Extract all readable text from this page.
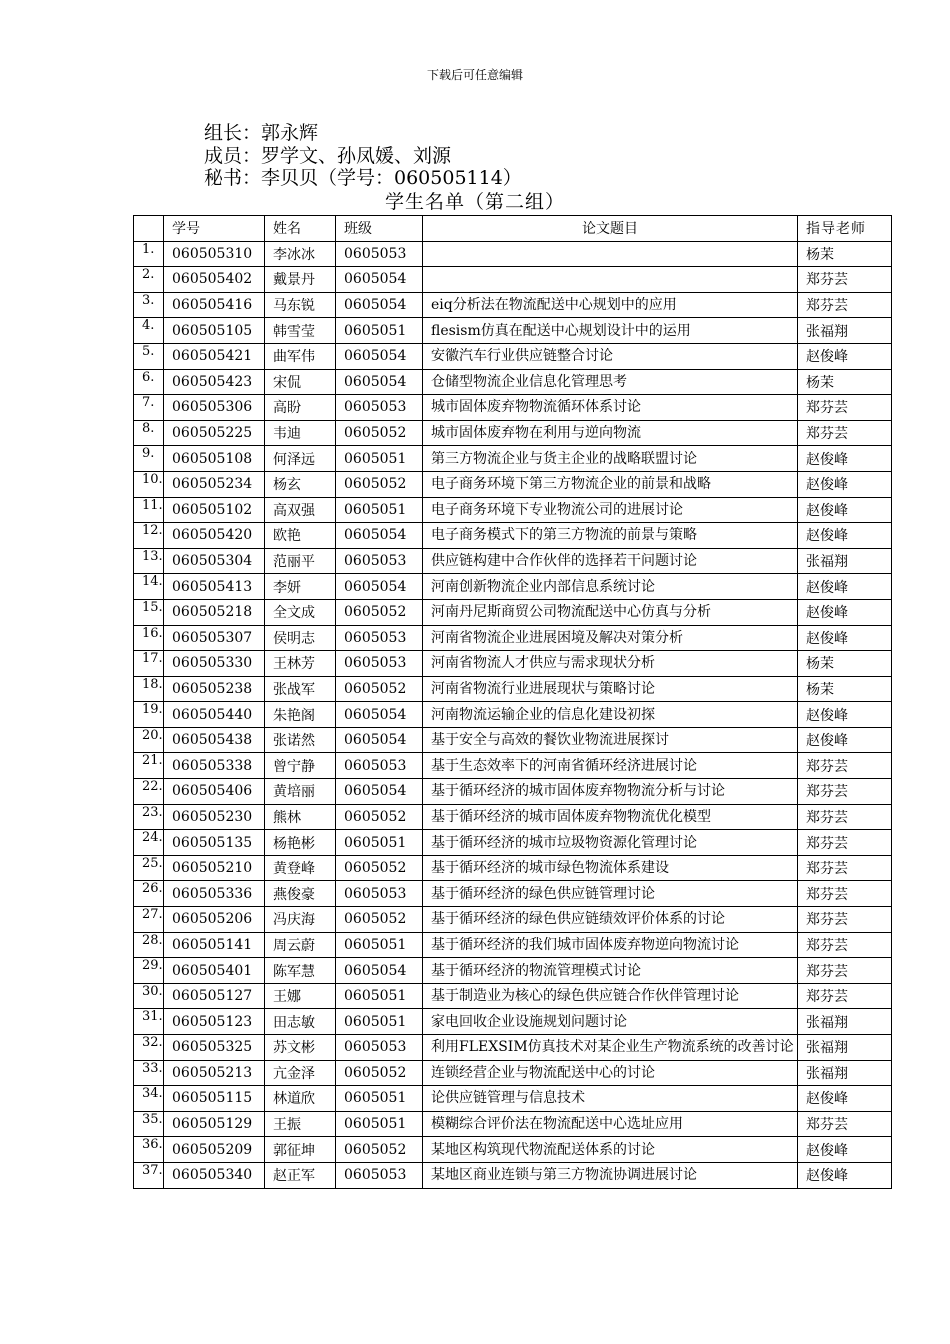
下载后可任意编辑
组长：郭永辉
成员：罗学文、孙凤媛、刘源
秘书：李贝贝（学号：060505114）
学生名单（第二组）
	学号	姓名	班级	论文题目	指导老师
1.	060505310	李冰冰	0605053		杨茉
2.	060505402	戴景丹	0605054		郑芬芸
3.	060505416	马东锐	0605054	eiq分析法在物流配送中心规划中的应用	郑芬芸
4.	060505105	韩雪莹	0605051	flesism仿真在配送中心规划设计中的运用	张福翔
5.	060505421	曲军伟	0605054	安徽汽车行业供应链整合讨论	赵俊峰
6.	060505423	宋侃	0605054	仓储型物流企业信息化管理思考	杨茉
7.	060505306	高盼	0605053	城市固体废弃物物流循环体系讨论	郑芬芸
8.	060505225	韦迪	0605052	城市固体废弃物在利用与逆向物流	郑芬芸
9.	060505108	何泽远	0605051	第三方物流企业与货主企业的战略联盟讨论	赵俊峰
10.	060505234	杨玄	0605052	电子商务环境下第三方物流企业的前景和战略	赵俊峰
11.	060505102	高双强	0605051	电子商务环境下专业物流公司的进展讨论	赵俊峰
12.	060505420	欧艳	0605054	电子商务模式下的第三方物流的前景与策略	赵俊峰
13.	060505304	范丽平	0605053	供应链构建中合作伙伴的选择若干问题讨论	张福翔
14.	060505413	李妍	0605054	河南创新物流企业内部信息系统讨论	赵俊峰
15.	060505218	全文成	0605052	河南丹尼斯商贸公司物流配送中心仿真与分析	赵俊峰
16.	060505307	侯明志	0605053	河南省物流企业进展困境及解决对策分析	赵俊峰
17.	060505330	王林芳	0605053	河南省物流人才供应与需求现状分析	杨茉
18.	060505238	张战军	0605052	河南省物流行业进展现状与策略讨论	杨茉
19.	060505440	朱艳阁	0605054	河南物流运输企业的信息化建设初探	赵俊峰
20.	060505438	张诺然	0605054	基于安全与高效的餐饮业物流进展探讨	赵俊峰
21.	060505338	曾宁静	0605053	基于生态效率下的河南省循环经济进展讨论	郑芬芸
22.	060505406	黄培丽	0605054	基于循环经济的城市固体废弃物物流分析与讨论	郑芬芸
23.	060505230	熊林	0605052	基于循环经济的城市固体废弃物物流优化模型	郑芬芸
24.	060505135	杨艳彬	0605051	基于循环经济的城市垃圾物资源化管理讨论	郑芬芸
25.	060505210	黄登峰	0605052	基于循环经济的城市绿色物流体系建设	郑芬芸
26.	060505336	燕俊豪	0605053	基于循环经济的绿色供应链管理讨论	郑芬芸
27.	060505206	冯庆海	0605052	基于循环经济的绿色供应链绩效评价体系的讨论	郑芬芸
28.	060505141	周云蔚	0605051	基于循环经济的我们城市固体废弃物逆向物流讨论	郑芬芸
29.	060505401	陈军慧	0605054	基于循环经济的物流管理模式讨论	郑芬芸
30.	060505127	王娜	0605051	基于制造业为核心的绿色供应链合作伙伴管理讨论	郑芬芸
31.	060505123	田志敏	0605051	家电回收企业设施规划问题讨论	张福翔
32.	060505325	苏文彬	0605053	利用FLEXSIM仿真技术对某企业生产物流系统的改善讨论	张福翔
33.	060505213	亢金泽	0605052	连锁经营企业与物流配送中心的讨论	张福翔
34.	060505115	林道欣	0605051	论供应链管理与信息技术	赵俊峰
35.	060505129	王振	0605051	模糊综合评价法在物流配送中心选址应用	郑芬芸
36.	060505209	郭征坤	0605052	某地区构筑现代物流配送体系的讨论	赵俊峰
37.	060505340	赵正军	0605053	某地区商业连锁与第三方物流协调进展讨论	赵俊峰
